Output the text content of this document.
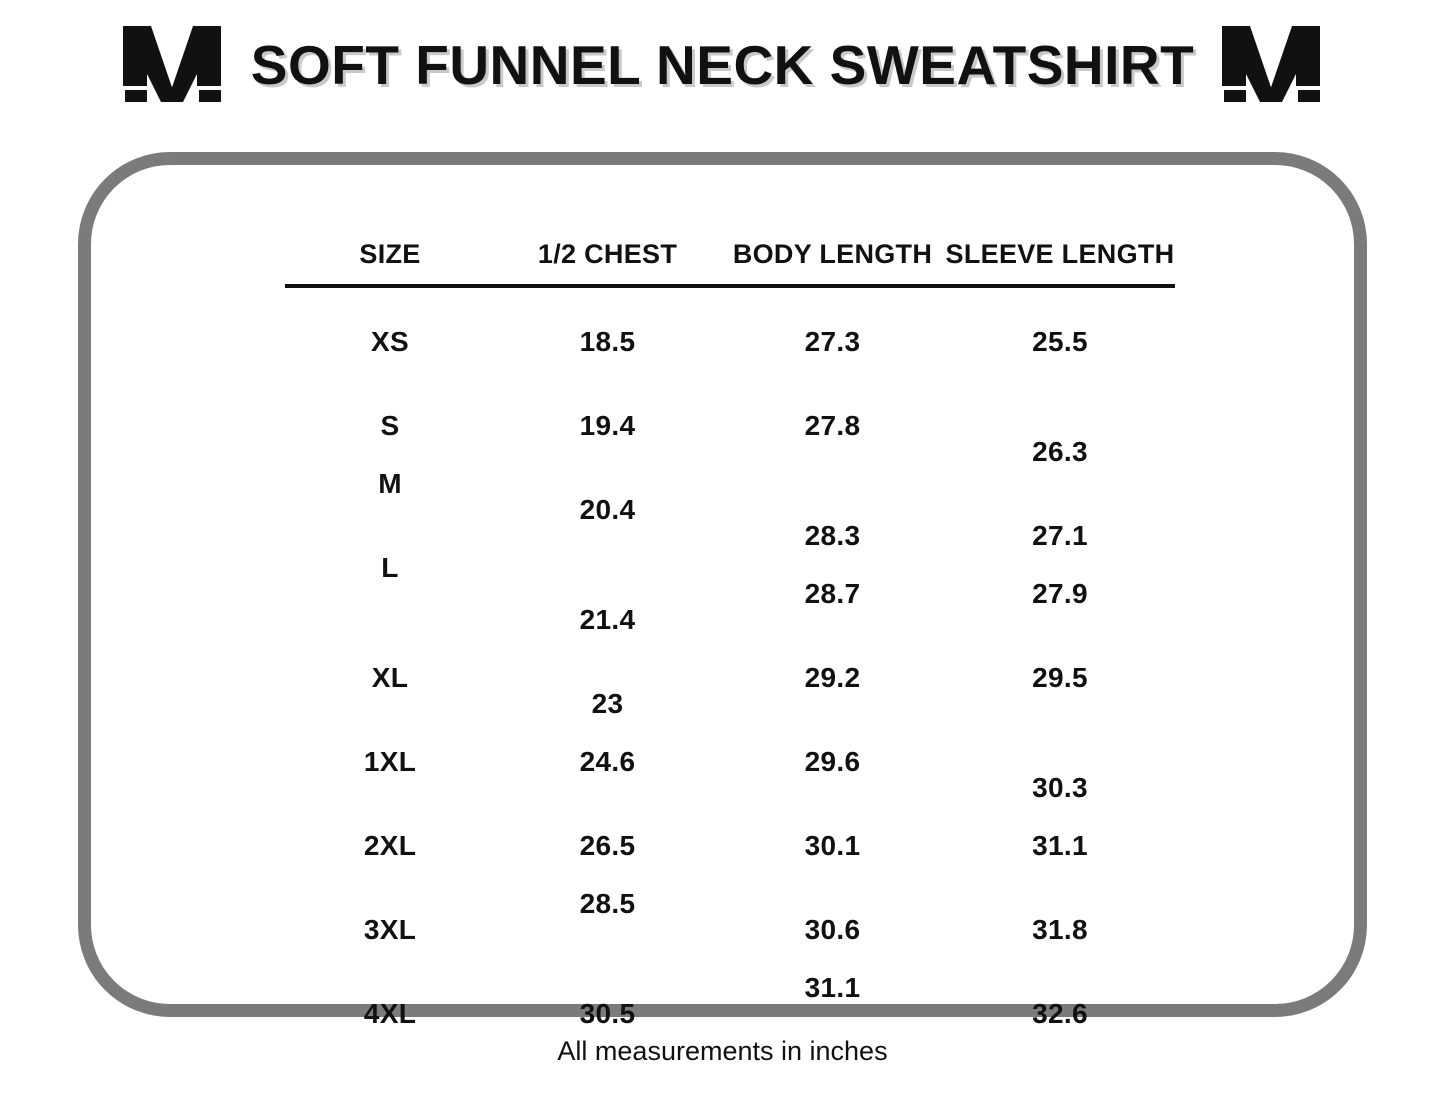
SOFT FUNNEL NECK SWEATSHIRT
SIZE	1/2 CHEST	BODY LENGTH	SLEEVE LENGTH
XS	18.5	27.3	25.5
S	19.4	27.8	26.3
M	20.4	28.3	27.1
L	21.4	28.7	27.9
XL	23	29.2	29.5
1XL	24.6	29.6	30.3
2XL	26.5	30.1	31.1
3XL	28.5	30.6	31.8
4XL	30.5	31.1	32.6
All measurements in inches
